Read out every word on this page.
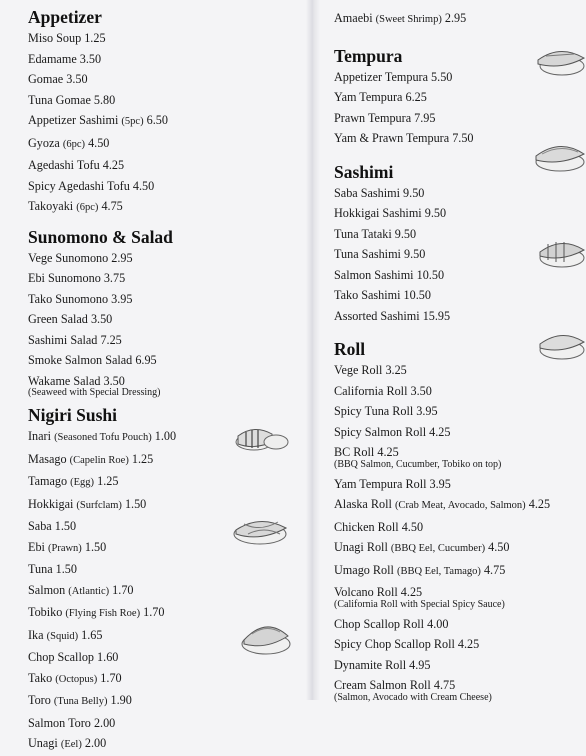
Appetizer
Miso Soup 1.25
Edamame 3.50
Gomae 3.50
Tuna Gomae 5.80
Appetizer Sashimi (5pc) 6.50
Gyoza (6pc) 4.50
Agedashi Tofu 4.25
Spicy Agedashi Tofu 4.50
Takoyaki (6pc) 4.75
Sunomono & Salad
Vege Sunomono 2.95
Ebi Sunomono 3.75
Tako Sunomono 3.95
Green Salad 3.50
Sashimi Salad 7.25
Smoke Salmon Salad 6.95
Wakame Salad 3.50
(Seaweed with Special Dressing)
Nigiri Sushi
Inari (Seasoned Tofu Pouch) 1.00
Masago (Capelin Roe) 1.25
Tamago (Egg) 1.25
Hokkigai (Surfclam) 1.50
Saba 1.50
Ebi (Prawn) 1.50
Tuna 1.50
Salmon (Atlantic) 1.70
Tobiko (Flying Fish Roe) 1.70
Ika (Squid) 1.65
Chop Scallop 1.60
Tako (Octopus) 1.70
Toro (Tuna Belly) 1.90
Salmon Toro 2.00
Unagi (Eel) 2.00
Amaebi (Sweet Shrimp) 2.95
Tempura
Appetizer Tempura 5.50
Yam Tempura 6.25
Prawn Tempura 7.95
Yam & Prawn Tempura 7.50
Sashimi
Saba Sashimi 9.50
Hokkigai Sashimi 9.50
Tuna Tataki 9.50
Tuna Sashimi 9.50
Salmon Sashimi 10.50
Tako Sashimi 10.50
Assorted Sashimi 15.95
Roll
Vege Roll 3.25
California Roll 3.50
Spicy Tuna Roll 3.95
Spicy Salmon Roll 4.25
BC Roll 4.25
(BBQ Salmon, Cucumber, Tobiko on top)
Yam Tempura Roll 3.95
Alaska Roll (Crab Meat, Avocado, Salmon) 4.25
Chicken Roll 4.50
Unagi Roll (BBQ Eel, Cucumber) 4.50
Umago Roll (BBQ Eel, Tamago) 4.75
Volcano Roll 4.25
(California Roll with Special Spicy Sauce)
Chop Scallop Roll 4.00
Spicy Chop Scallop Roll 4.25
Dynamite Roll 4.95
Cream Salmon Roll 4.75
(Salmon, Avocado with Cream Cheese)
